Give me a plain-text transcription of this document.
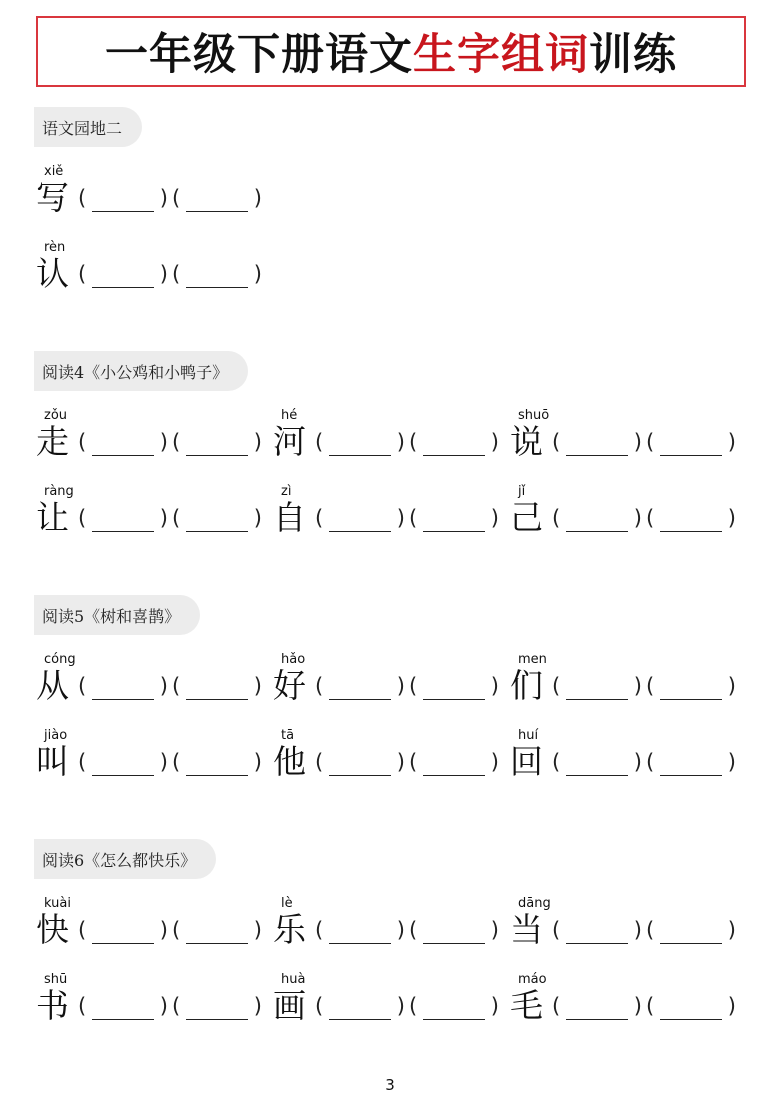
一年级下册语文 生字组词 训练
语文园地二
xiě
写 (	) (	)
rèn
认 (	) (	)
阅读4《小公鸡和小鸭子》
zǒu
走 (	) (	)
hé
河 (	) (	)
shuō
说 (	) (	)
ràng
让 (	) (	)
zì
自 (	) (	)
jǐ
己 (	) (	)
阅读5《树和喜鹊》
cóng
从 (	) (	)
hǎo
好 (	) (	)
men
们 (	) (	)
jiào
叫 (	) (	)
tā
他 (	) (	)
huí
回 (	) (	)
阅读6《怎么都快乐》
kuài
快 (	) (	)
lè
乐 (	) (	)
dāng
当 (	) (	)
shū
书 (	) (	)
huà
画 (	) (	)
máo
毛 (	) (	)
3
